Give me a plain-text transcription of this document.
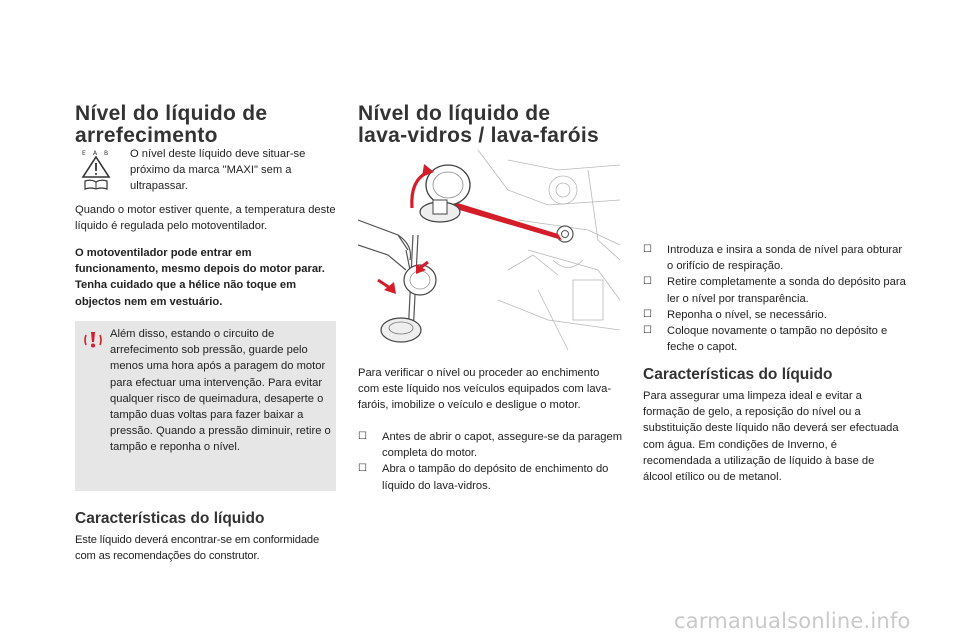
Nível do líquido de
arrefecimento
E A B O nível deste líquido deve situar-se próximo da marca "MAXI" sem a ultrapassar.

Quando o motor estiver quente, a temperatura deste líquido é regulada pelo motoventilador.

O motoventilador pode entrar em funcionamento, mesmo depois do motor parar. Tenha cuidado que a hélice não toque em objectos nem em vestuário.

Além disso, estando o circuito de arrefecimento sob pressão, guarde pelo menos uma hora após a paragem do motor para efectuar uma intervenção. Para evitar qualquer risco de queimadura, desaperte o tampão duas voltas para fazer baixar a pressão. Quando a pressão diminuir, retire o tampão e reponha o nível.

Características do líquido

Este líquido deverá encontrar-se em conformidade com as recomendações do construtor.

Nível do líquido de
lava-vidros / lava-faróis

Para verificar o nível ou proceder ao enchimento com este líquido nos veículos equipados com lava-faróis, imobilize o veículo e desligue o motor.

☐ Antes de abrir o capot, assegure-se da paragem completa do motor.
☐ Abra o tampão do depósito de enchimento do líquido do lava-vidros.
☐ Introduza e insira a sonda de nível para obturar o orifício de respiração.
☐ Retire completamente a sonda do depósito para ler o nível por transparência.
☐ Reponha o nível, se necessário.
☐ Coloque novamente o tampão no depósito e feche o capot.
Características do líquido

Para assegurar uma limpeza ideal e evitar a formação de gelo, a reposição do nível ou a substituição deste líquido não deverá ser efectuada com água. Em condições de Inverno, é recomendada a utilização de líquido à base de álcool etílico ou de metanol.

carmanualsonline.info
